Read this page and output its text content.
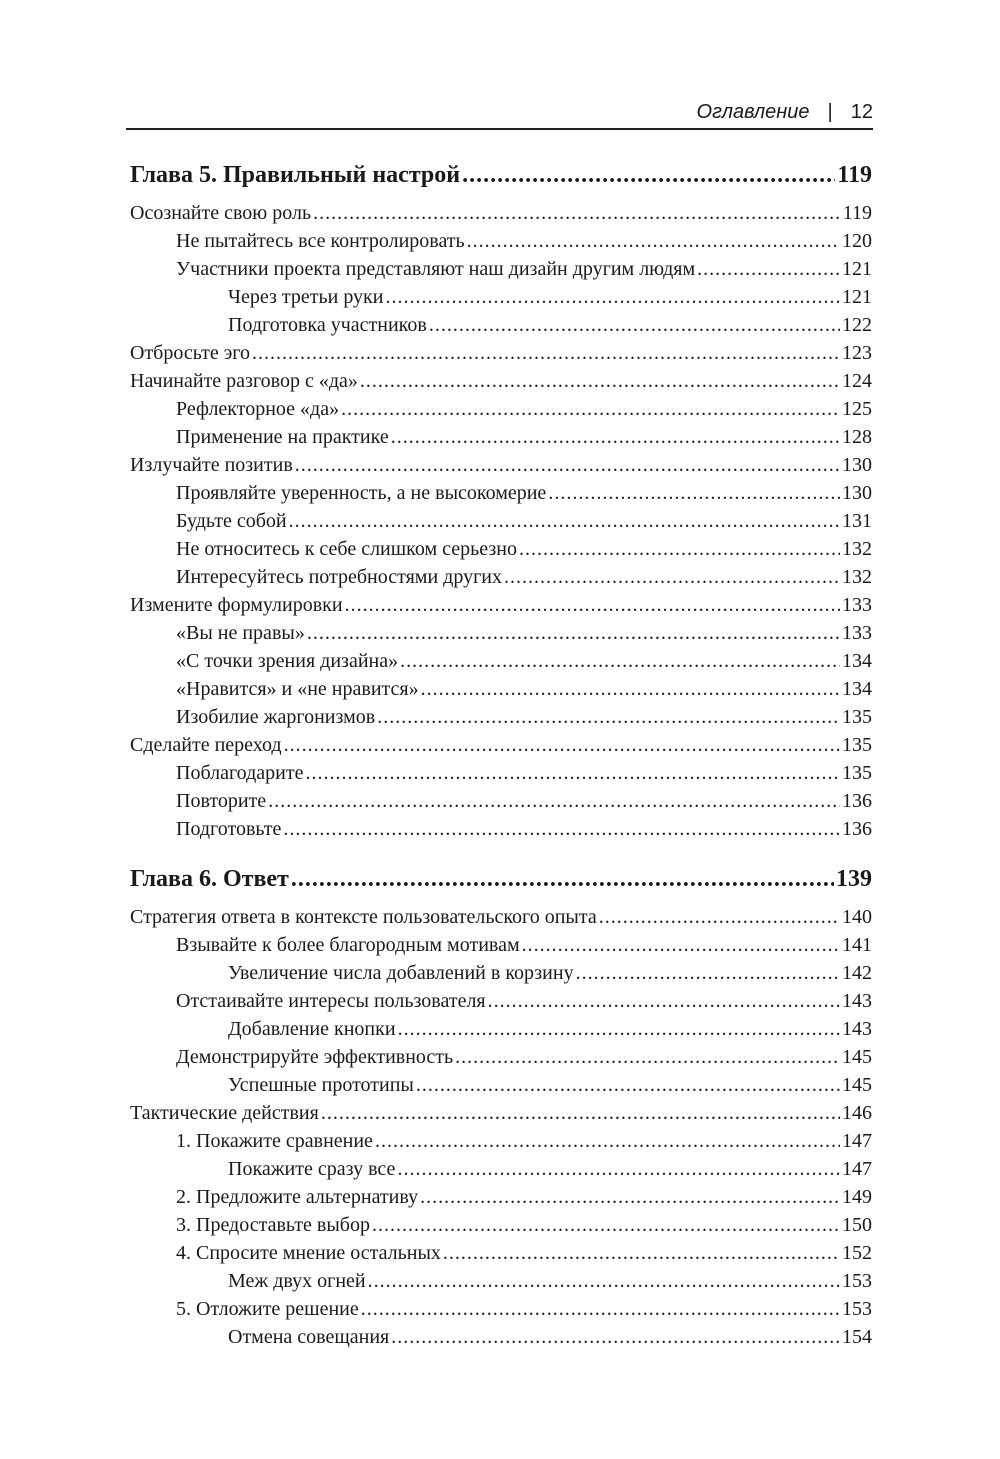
Оглавление | 12
Глава 5. Правильный настрой .....	119
Осознайте свою роль .....	119
Не пытайтесь все контролировать .....	120
Участники проекта представляют наш дизайн другим людям .....	121
Через третьи руки .....	121
Подготовка участников .....	122
Отбросьте эго .....	123
Начинайте разговор с «да» .....	124
Рефлекторное «да» .....	125
Применение на практике .....	128
Излучайте позитив .....	130
Проявляйте уверенность, а не высокомерие .....	130
Будьте собой .....	131
Не относитесь к себе слишком серьезно .....	132
Интересуйтесь потребностями других .....	132
Измените формулировки .....	133
«Вы не правы» .....	133
«С точки зрения дизайна» .....	134
«Нравится» и «не нравится» .....	134
Изобилие жаргонизмов .....	135
Сделайте переход .....	135
Поблагодарите .....	135
Повторите .....	136
Подготовьте .....	136
Глава 6. Ответ .....	139
Стратегия ответа в контексте пользовательского опыта .....	140
Взывайте к более благородным мотивам .....	141
Увеличение числа добавлений в корзину .....	142
Отстаивайте интересы пользователя .....	143
Добавление кнопки .....	143
Демонстрируйте эффективность .....	145
Успешные прототипы .....	145
Тактические действия .....	146
1. Покажите сравнение .....	147
Покажите сразу все .....	147
2. Предложите альтернативу .....	149
3. Предоставьте выбор .....	150
4. Спросите мнение остальных .....	152
Меж двух огней .....	153
5. Отложите решение .....	153
Отмена совещания .....	154
